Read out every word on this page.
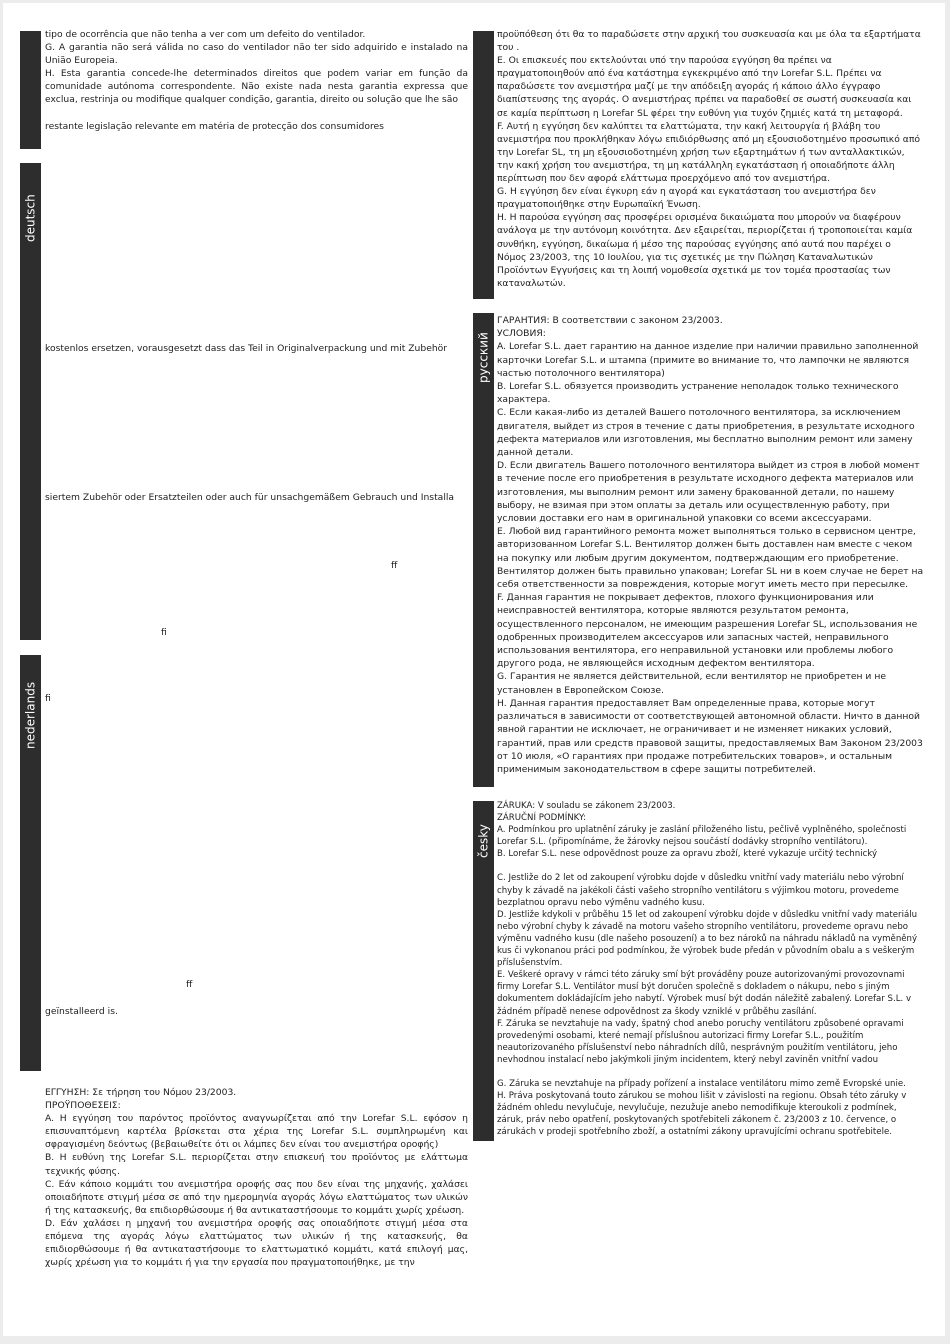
deutsch
nederlands
русский
česky

tipo de ocorrência que não tenha a ver com um defeito do ventilador.

G. A garantia não será válida no caso do ventilador não ter sido adquirido e instalado na União Europeia.

H. Esta garantia concede-lhe determinados direitos que podem variar em função da comunidade autónoma correspondente. Não existe nada nesta garantia expressa que exclua, restrinja ou modifique qualquer condição, garantia, direito ou solução que lhe são

restante legislação relevante em matéria de protecção dos consumidores

kostenlos ersetzen, vorausgesetzt dass das Teil in Originalverpackung und mit Zubehör
siertem Zubehör oder Ersatzteilen oder auch für unsachgemäßem Gebrauch und Installa
ff
fi
fi
ff
geïnstalleerd is.

ΕΓΓΥΗΣΗ: Σε τήρηση του Νόμου 23/2003.

ΠΡΟΫΠΟΘΕΣΕΙΣ:

A. Η εγγύηση του παρόντος προϊόντος αναγνωρίζεται από την Lorefar S.L. εφόσον η επισυναπτόμενη καρτέλα βρίσκεται στα χέρια της Lorefar S.L. συμπληρωμένη και σφραγισμένη δεόντως (βεβαιωθείτε ότι οι λάμπες δεν είναι του ανεμιστήρα οροφής)

B. Η ευθύνη της Lorefar S.L. περιορίζεται στην επισκευή του προϊόντος με ελάττωμα τεχνικής φύσης.

C. Εάν κάποιο κομμάτι του ανεμιστήρα οροφής σας που δεν είναι της μηχανής, χαλάσει οποιαδήποτε στιγμή μέσα σε από την ημερομηνία αγοράς λόγω ελαττώματος των υλικών ή της κατασκευής, θα επιδιορθώσουμε ή θα αντικαταστήσουμε το κομμάτι χωρίς χρέωση.

D. Εάν χαλάσει η μηχανή του ανεμιστήρα οροφής σας οποιαδήποτε στιγμή μέσα στα επόμενα της αγοράς λόγω ελαττώματος των υλικών ή της κατασκευής, θα επιδιορθώσουμε ή θα αντικαταστήσουμε το ελαττωματικό κομμάτι, κατά επιλογή μας, χωρίς χρέωση για το κομμάτι ή για την εργασία που πραγματοποιήθηκε, με την

προϋπόθεση ότι θα το παραδώσετε στην αρχική του συσκευασία και με όλα τα εξαρτήματα του .

E. Οι επισκευές που εκτελούνται υπό την παρούσα εγγύηση θα πρέπει να πραγματοποιηθούν από ένα κατάστημα εγκεκριμένο από την Lorefar S.L. Πρέπει να παραδώσετε τον ανεμιστήρα μαζί με την απόδειξη αγοράς ή κάποιο άλλο έγγραφο διαπίστευσης της αγοράς. Ο ανεμιστήρας πρέπει να παραδοθεί σε σωστή συσκευασία και σε καμία περίπτωση η Lorefar SL φέρει την ευθύνη για τυχόν ζημιές κατά τη μεταφορά.

F. Αυτή η εγγύηση δεν καλύπτει τα ελαττώματα, την κακή λειτουργία ή βλάβη του ανεμιστήρα που προκλήθηκαν λόγω επιδιόρθωσης από μη εξουσιοδοτημένο προσωπικό από την Lorefar SL, τη μη εξουσιοδοτημένη χρήση των εξαρτημάτων ή των ανταλλακτικών, την κακή χρήση του ανεμιστήρα, τη μη κατάλληλη εγκατάσταση ή οποιαδήποτε άλλη περίπτωση που δεν αφορά ελάττωμα προερχόμενο από τον ανεμιστήρα.

G. Η εγγύηση δεν είναι έγκυρη εάν η αγορά και εγκατάσταση του ανεμιστήρα δεν πραγματοποιήθηκε στην Ευρωπαϊκή Ένωση.

H. Η παρούσα εγγύηση σας προσφέρει ορισμένα δικαιώματα που μπορούν να διαφέρουν ανάλογα με την αυτόνομη κοινότητα. Δεν εξαιρείται, περιορίζεται ή τροποποιείται καμία συνθήκη, εγγύηση, δικαίωμα ή μέσο της παρούσας εγγύησης από αυτά που παρέχει ο Νόμος 23/2003, της 10 Ιουλίου, για τις σχετικές με την Πώληση Καταναλωτικών Προϊόντων Εγγυήσεις και τη λοιπή νομοθεσία σχετικά με τον τομέα προστασίας των καταναλωτών.

ГАРАНТИЯ: В соответствии с законом 23/2003.

УСЛОВИЯ:

A. Lorefar S.L. дает гарантию на данное изделие при наличии правильно заполненной карточки Lorefar S.L. и штампа (примите во внимание то, что лампочки не являются частью потолочного вентилятора)

B. Lorefar S.L. обязуется производить устранение неполадок только технического характера.

C. Если какая-либо из деталей Вашего потолочного вентилятора, за исключением двигателя, выйдет из строя в течение с даты приобретения, в результате исходного дефекта материалов или изготовления, мы бесплатно выполним ремонт или замену данной детали.

D. Если двигатель Вашего потолочного вентилятора выйдет из строя в любой момент в течение после его приобретения в результате исходного дефекта материалов или изготовления, мы выполним ремонт или замену бракованной детали, по нашему выбору, не взимая при этом оплаты за деталь или осуществленную работу, при условии доставки его нам в оригинальной упаковки со всеми аксессуарами.

E. Любой вид гарантийного ремонта может выполняться только в сервисном центре, авторизованном Lorefar S.L. Вентилятор должен быть доставлен нам вместе с чеком на покупку или любым другим документом, подтверждающим его приобретение. Вентилятор должен быть правильно упакован; Lorefar SL ни в коем случае не берет на себя ответственности за повреждения, которые могут иметь место при пересылке.

F. Данная гарантия не покрывает дефектов, плохого функционирования или неисправностей вентилятора, которые являются результатом ремонта, осуществленного персоналом, не имеющим разрешения Lorefar SL, использования не одобренных производителем аксессуаров или запасных частей, неправильного использования вентилятора, его неправильной установки или проблемы любого другого рода, не являющейся исходным дефектом вентилятора.

G. Гарантия не является действительной, если вентилятор не приобретен и не установлен в Европейском Союзе.

H. Данная гарантия предоставляет Вам определенные права, которые могут различаться в зависимости от соответствующей автономной области. Ничто в данной явной гарантии не исключает, не ограничивает и не изменяет никаких условий, гарантий, прав или средств правовой защиты, предоставляемых Вам Законом 23/2003 от 10 июля, «О гарантиях при продаже потребительских товаров», и остальным применимым законодательством в сфере защиты потребителей.

ZÁRUKA: V souladu se zákonem 23/2003.

ZÁRUČNÍ PODMÍNKY:

A. Podmínkou pro uplatnění záruky je zaslání přiloženého listu, pečlivě vyplněného, společnosti Lorefar S.L. (připomínáme, že žárovky nejsou součástí dodávky stropního ventilátoru).

B. Lorefar S.L. nese odpovědnost pouze za opravu zboží, které vykazuje určitý technický

C. Jestliže do 2 let od zakoupení výrobku dojde v důsledku vnitřní vady materiálu nebo výrobní chyby k závadě na jakékoli části vašeho stropního ventilátoru s výjimkou motoru, provedeme bezplatnou opravu nebo výměnu vadného kusu.

D. Jestliže kdykoli v průběhu 15 let od zakoupení výrobku dojde v důsledku vnitřní vady materiálu nebo výrobní chyby k závadě na motoru vašeho stropního ventilátoru, provedeme opravu nebo výměnu vadného kusu (dle našeho posouzení) a to bez nároků na náhradu nákladů na vyměněný kus či vykonanou práci pod podmínkou, že výrobek bude předán v původním obalu a s veškerým příslušenstvím.

E. Veškeré opravy v rámci této záruky smí být prováděny pouze autorizovanými provozovnami firmy Lorefar S.L. Ventilátor musí být doručen společně s dokladem o nákupu, nebo s jiným dokumentem dokládajícím jeho nabytí. Výrobek musí být dodán náležitě zabalený. Lorefar S.L. v žádném případě nenese odpovědnost za škody vzniklé v průběhu zasílání.

F. Záruka se nevztahuje na vady, špatný chod anebo poruchy ventilátoru způsobené opravami provedenými osobami, které nemají příslušnou autorizaci firmy Lorefar S.L., použitím neautorizovaného příslušenství nebo náhradních dílů, nesprávným použitím ventilátoru, jeho nevhodnou instalací nebo jakýmkoli jiným incidentem, který nebyl zaviněn vnitřní vadou

G. Záruka se nevztahuje na případy pořízení a instalace ventilátoru mimo země Evropské unie.

H. Práva poskytovaná touto zárukou se mohou lišit v závislosti na regionu. Obsah této záruky v žádném ohledu nevylučuje, nevylučuje, nezužuje anebo nemodifikuje kteroukoli z podmínek, záruk, práv nebo opatření, poskytovaných spotřebiteli zákonem č. 23/2003 z 10. července, o zárukách v prodeji spotřebního zboží, a ostatními zákony upravujícími ochranu spotřebitele.
